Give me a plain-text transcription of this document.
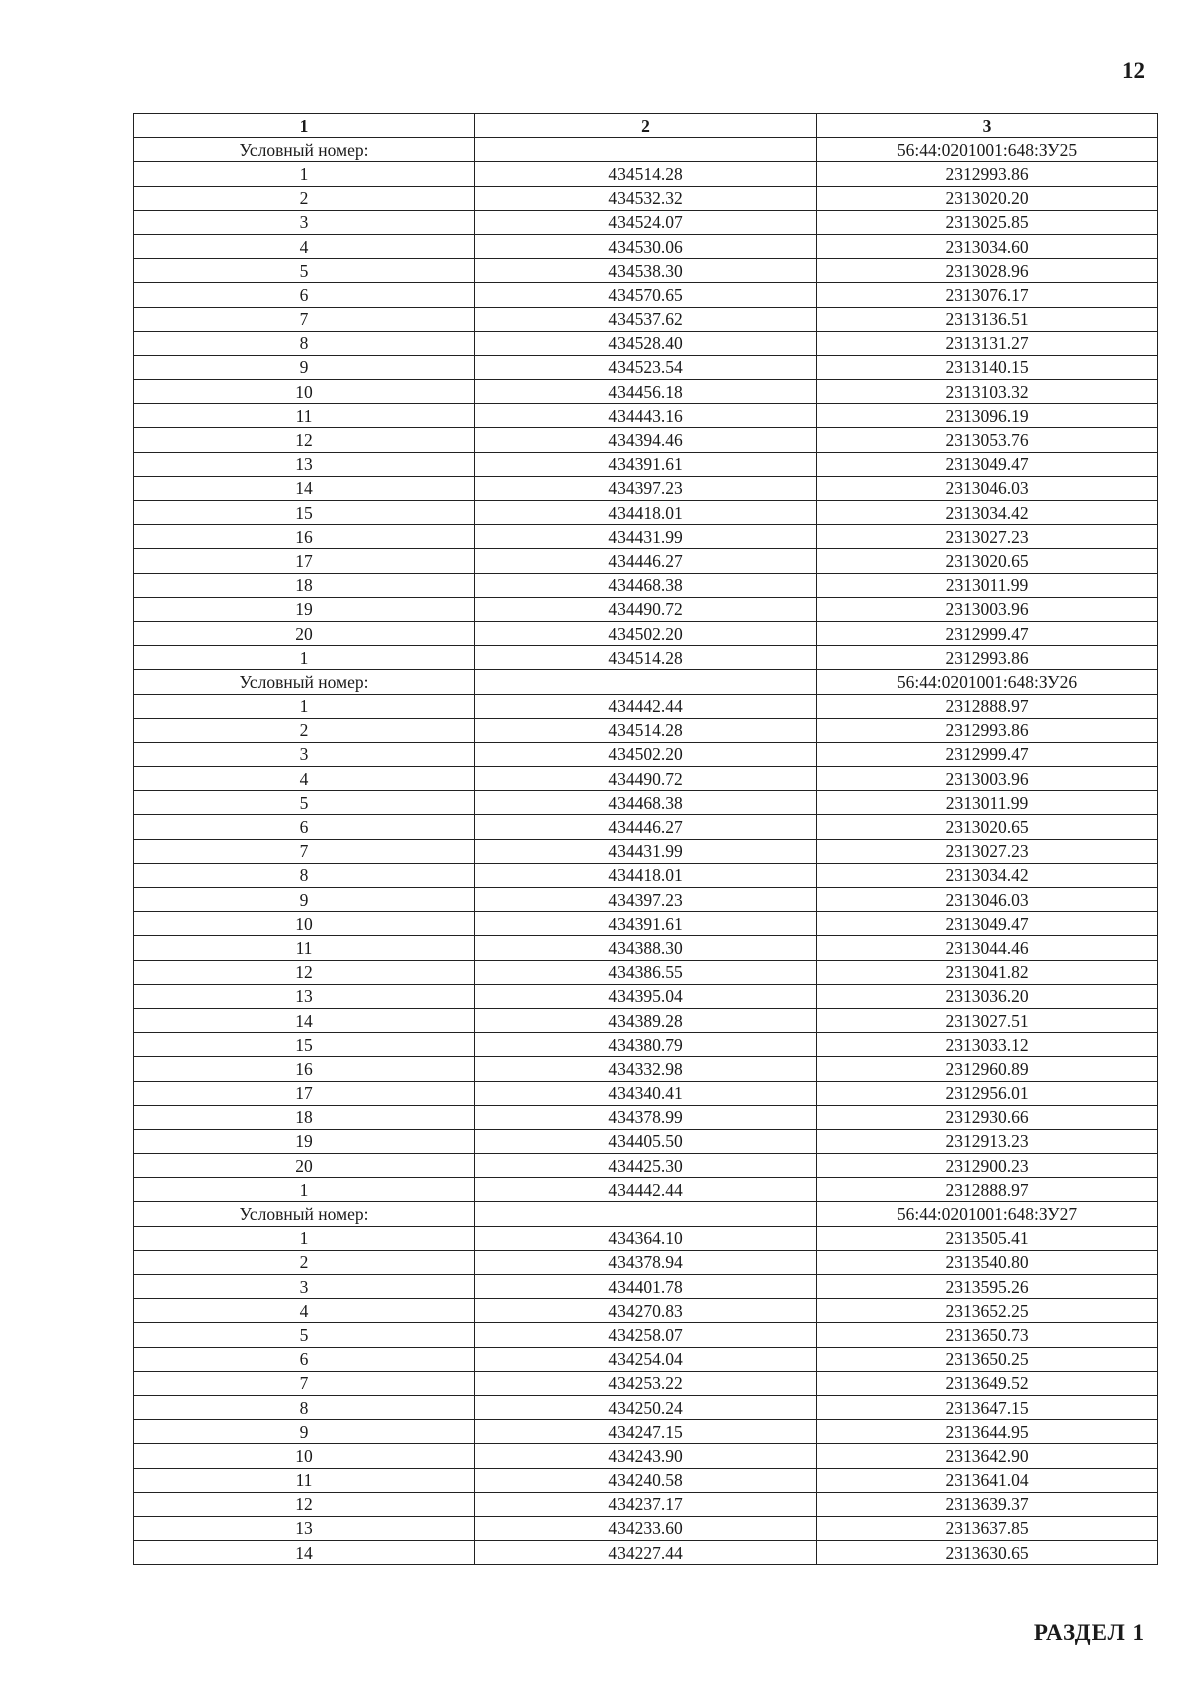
12
1	2	3
Условный номер:		56:44:0201001:648:ЗУ25
1	434514.28	2312993.86
2	434532.32	2313020.20
3	434524.07	2313025.85
4	434530.06	2313034.60
5	434538.30	2313028.96
6	434570.65	2313076.17
7	434537.62	2313136.51
8	434528.40	2313131.27
9	434523.54	2313140.15
10	434456.18	2313103.32
11	434443.16	2313096.19
12	434394.46	2313053.76
13	434391.61	2313049.47
14	434397.23	2313046.03
15	434418.01	2313034.42
16	434431.99	2313027.23
17	434446.27	2313020.65
18	434468.38	2313011.99
19	434490.72	2313003.96
20	434502.20	2312999.47
1	434514.28	2312993.86
Условный номер:		56:44:0201001:648:ЗУ26
1	434442.44	2312888.97
2	434514.28	2312993.86
3	434502.20	2312999.47
4	434490.72	2313003.96
5	434468.38	2313011.99
6	434446.27	2313020.65
7	434431.99	2313027.23
8	434418.01	2313034.42
9	434397.23	2313046.03
10	434391.61	2313049.47
11	434388.30	2313044.46
12	434386.55	2313041.82
13	434395.04	2313036.20
14	434389.28	2313027.51
15	434380.79	2313033.12
16	434332.98	2312960.89
17	434340.41	2312956.01
18	434378.99	2312930.66
19	434405.50	2312913.23
20	434425.30	2312900.23
1	434442.44	2312888.97
Условный номер:		56:44:0201001:648:ЗУ27
1	434364.10	2313505.41
2	434378.94	2313540.80
3	434401.78	2313595.26
4	434270.83	2313652.25
5	434258.07	2313650.73
6	434254.04	2313650.25
7	434253.22	2313649.52
8	434250.24	2313647.15
9	434247.15	2313644.95
10	434243.90	2313642.90
11	434240.58	2313641.04
12	434237.17	2313639.37
13	434233.60	2313637.85
14	434227.44	2313630.65
РАЗДЕЛ 1
